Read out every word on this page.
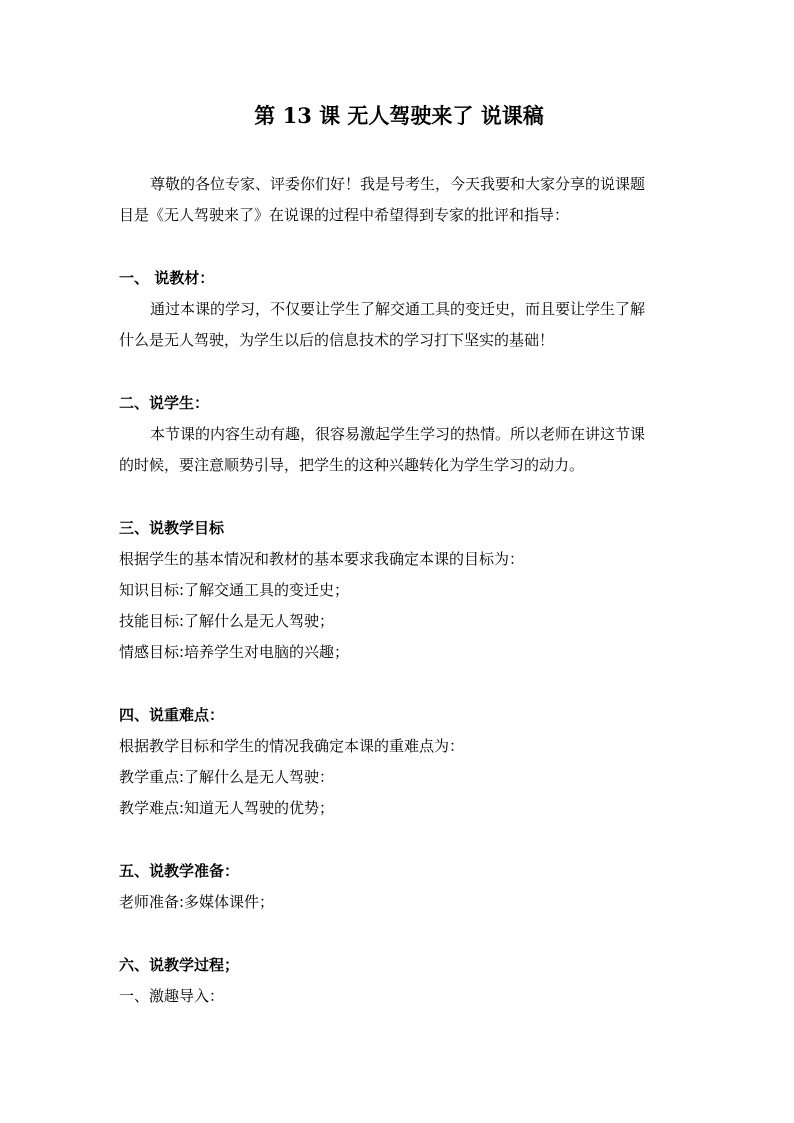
第 13 课 无人驾驶来了 说课稿
尊敬的各位专家、评委你们好！我是号考生，今天我要和大家分享的说课题
目是《无人驾驶来了》在说课的过程中希望得到专家的批评和指导：
一、 说教材：
通过本课的学习，不仅要让学生了解交通工具的变迁史，而且要让学生了解
什么是无人驾驶，为学生以后的信息技术的学习打下坚实的基础！
二、说学生：
本节课的内容生动有趣，很容易激起学生学习的热情。所以老师在讲这节课
的时候，要注意顺势引导，把学生的这种兴趣转化为学生学习的动力。
三、说教学目标
根据学生的基本情况和教材的基本要求我确定本课的目标为：
知识目标:了解交通工具的变迁史；
技能目标:了解什么是无人驾驶；
情感目标:培养学生对电脑的兴趣；
四、说重难点：
根据教学目标和学生的情况我确定本课的重难点为：
教学重点:了解什么是无人驾驶：
教学难点:知道无人驾驶的优势；
五、说教学准备：
老师准备:多媒体课件；
六、说教学过程；
一、激趣导入：
